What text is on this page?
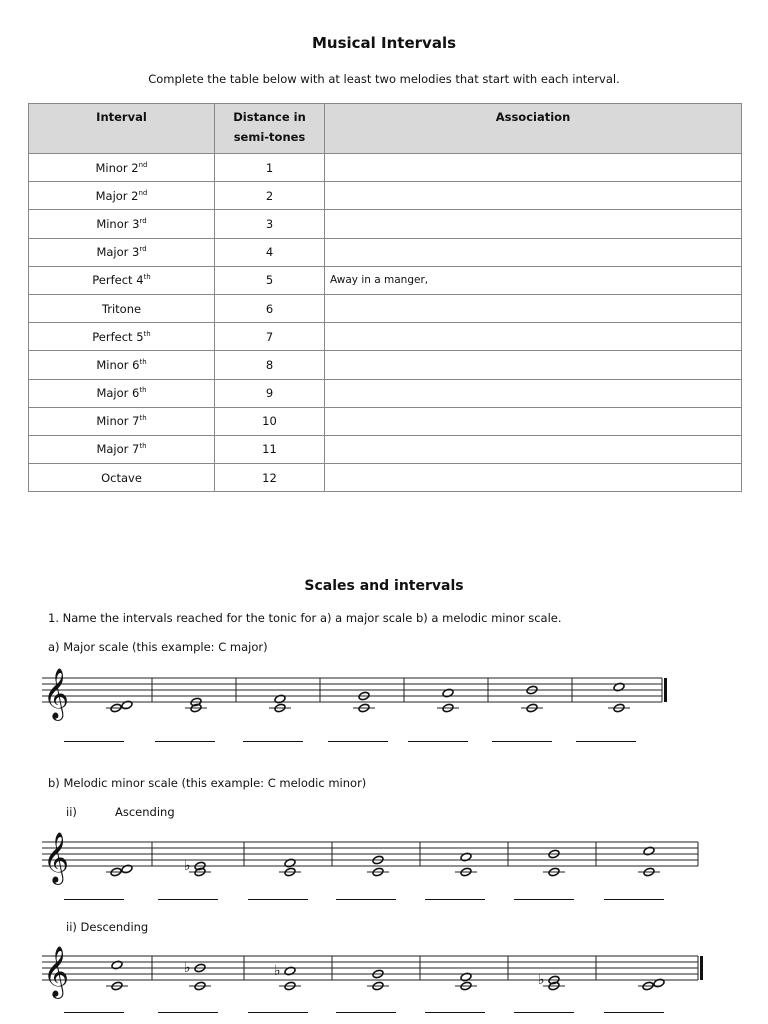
Musical Intervals
Complete the table below with at least two melodies that start with each interval.
Interval	Distance in semi-tones	Association
Minor 2nd	1	
Major 2nd	2	
Minor 3rd	3	
Major 3rd	4	
Perfect 4th	5	Away in a manger,
Tritone	6	
Perfect 5th	7	
Minor 6th	8	
Major 6th	9	
Minor 7th	10	
Major 7th	11	
Octave	12	
Scales and intervals
1. Name the intervals reached for the tonic for a) a major scale b) a melodic minor scale.
a) Major scale (this example: C major)
b) Melodic minor scale (this example: C melodic minor)
ii)	Ascending
ii) Descending
𝄞
𝄞	♭
𝄞	♭	♭
♭
